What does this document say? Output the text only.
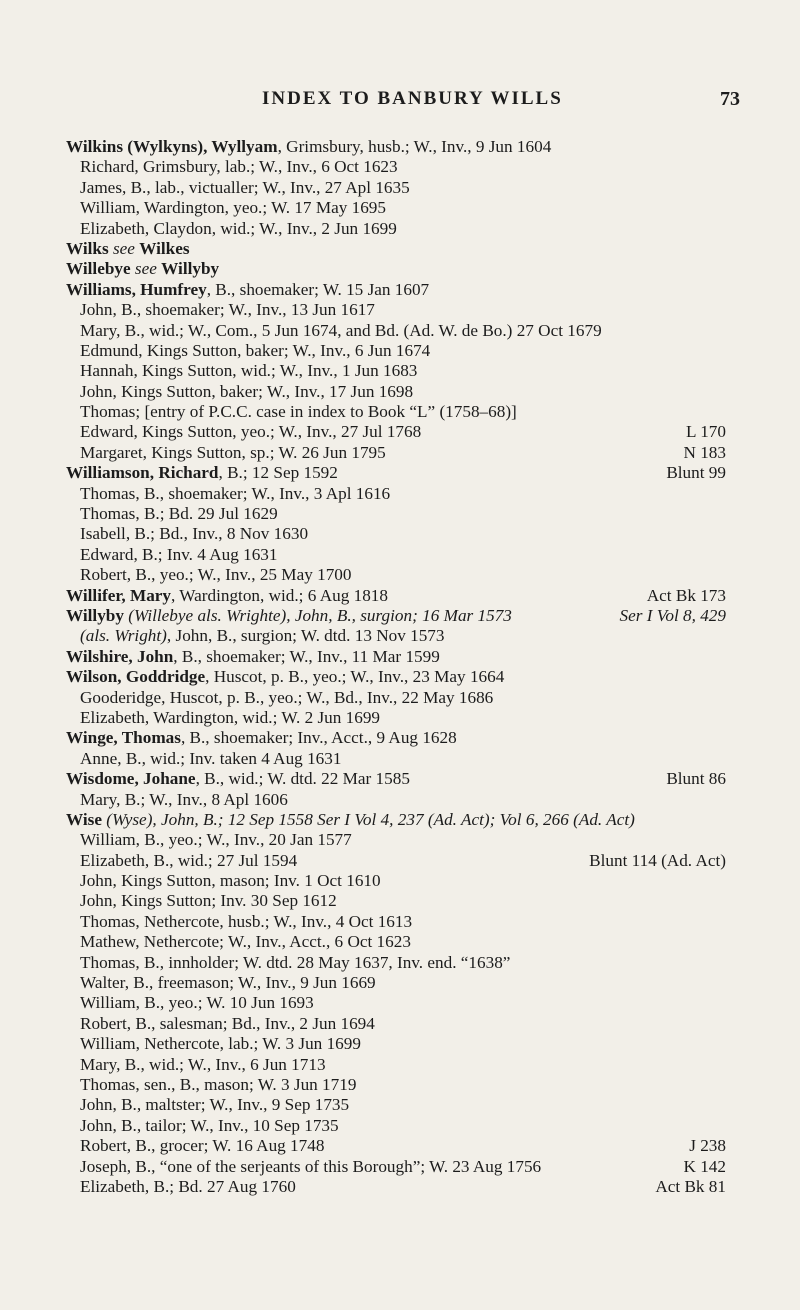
INDEX TO BANBURY WILLS	73
Wilkins (Wylkyns), Wyllyam, Grimsbury, husb.; W., Inv., 9 Jun 1604
Richard, Grimsbury, lab.; W., Inv., 6 Oct 1623
James, B., lab., victualler; W., Inv., 27 Apl 1635
William, Wardington, yeo.; W. 17 May 1695
Elizabeth, Claydon, wid.; W., Inv., 2 Jun 1699
Wilks see Wilkes
Willebye see Willyby
Williams, Humfrey, B., shoemaker; W. 15 Jan 1607
John, B., shoemaker; W., Inv., 13 Jun 1617
Mary, B., wid.; W., Com., 5 Jun 1674, and Bd. (Ad. W. de Bo.) 27 Oct 1679
Edmund, Kings Sutton, baker; W., Inv., 6 Jun 1674
Hannah, Kings Sutton, wid.; W., Inv., 1 Jun 1683
John, Kings Sutton, baker; W., Inv., 17 Jun 1698
Thomas; [entry of P.C.C. case in index to Book “L” (1758–68)]
Edward, Kings Sutton, yeo.; W., Inv., 27 Jul 1768	L 170
Margaret, Kings Sutton, sp.; W. 26 Jun 1795	N 183
Williamson, Richard, B.; 12 Sep 1592	Blunt 99
Thomas, B., shoemaker; W., Inv., 3 Apl 1616
Thomas, B.; Bd. 29 Jul 1629
Isabell, B.; Bd., Inv., 8 Nov 1630
Edward, B.; Inv. 4 Aug 1631
Robert, B., yeo.; W., Inv., 25 May 1700
Willifer, Mary, Wardington, wid.; 6 Aug 1818	Act Bk 173
Willyby (Willebye als. Wrighte), John, B., surgion; 16 Mar 1573	Ser I Vol 8, 429
(als. Wright), John, B., surgion; W. dtd. 13 Nov 1573
Wilshire, John, B., shoemaker; W., Inv., 11 Mar 1599
Wilson, Goddridge, Huscot, p. B., yeo.; W., Inv., 23 May 1664
Gooderidge, Huscot, p. B., yeo.; W., Bd., Inv., 22 May 1686
Elizabeth, Wardington, wid.; W. 2 Jun 1699
Winge, Thomas, B., shoemaker; Inv., Acct., 9 Aug 1628
Anne, B., wid.; Inv. taken 4 Aug 1631
Wisdome, Johane, B., wid.; W. dtd. 22 Mar 1585	Blunt 86
Mary, B.; W., Inv., 8 Apl 1606
Wise (Wyse), John, B.; 12 Sep 1558 Ser I Vol 4, 237 (Ad. Act); Vol 6, 266 (Ad. Act)
William, B., yeo.; W., Inv., 20 Jan 1577
Elizabeth, B., wid.; 27 Jul 1594	Blunt 114 (Ad. Act)
John, Kings Sutton, mason; Inv. 1 Oct 1610
John, Kings Sutton; Inv. 30 Sep 1612
Thomas, Nethercote, husb.; W., Inv., 4 Oct 1613
Mathew, Nethercote; W., Inv., Acct., 6 Oct 1623
Thomas, B., innholder; W. dtd. 28 May 1637, Inv. end. “1638”
Walter, B., freemason; W., Inv., 9 Jun 1669
William, B., yeo.; W. 10 Jun 1693
Robert, B., salesman; Bd., Inv., 2 Jun 1694
William, Nethercote, lab.; W. 3 Jun 1699
Mary, B., wid.; W., Inv., 6 Jun 1713
Thomas, sen., B., mason; W. 3 Jun 1719
John, B., maltster; W., Inv., 9 Sep 1735
John, B., tailor; W., Inv., 10 Sep 1735
Robert, B., grocer; W. 16 Aug 1748	J 238
Joseph, B., “one of the serjeants of this Borough”; W. 23 Aug 1756	K 142
Elizabeth, B.; Bd. 27 Aug 1760	Act Bk 81
